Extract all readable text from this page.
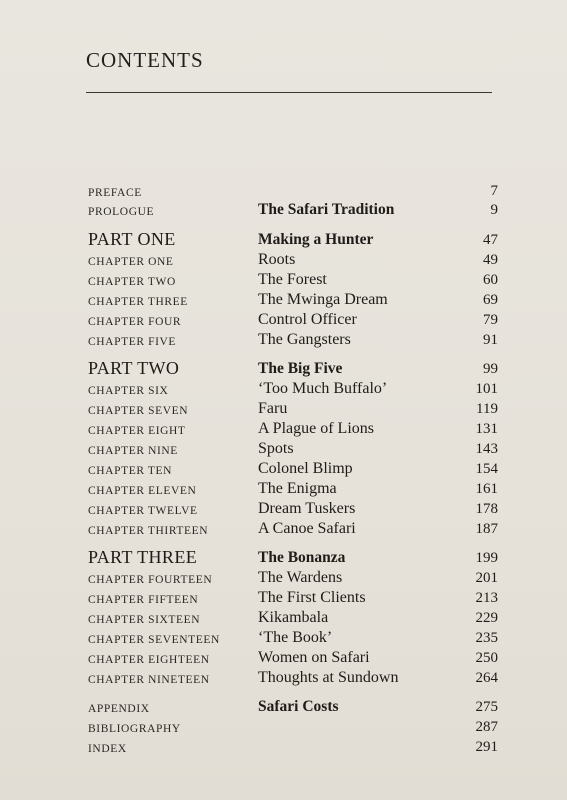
CONTENTS
PREFACE	7
PROLOGUE	The Safari Tradition	9
PART ONE	Making a Hunter	47
CHAPTER ONE	Roots	49
CHAPTER TWO	The Forest	60
CHAPTER THREE	The Mwinga Dream	69
CHAPTER FOUR	Control Officer	79
CHAPTER FIVE	The Gangsters	91
PART TWO	The Big Five	99
CHAPTER SIX	‘Too Much Buffalo’	101
CHAPTER SEVEN	Faru	119
CHAPTER EIGHT	A Plague of Lions	131
CHAPTER NINE	Spots	143
CHAPTER TEN	Colonel Blimp	154
CHAPTER ELEVEN	The Enigma	161
CHAPTER TWELVE	Dream Tuskers	178
CHAPTER THIRTEEN	A Canoe Safari	187
PART THREE	The Bonanza	199
CHAPTER FOURTEEN	The Wardens	201
CHAPTER FIFTEEN	The First Clients	213
CHAPTER SIXTEEN	Kikambala	229
CHAPTER SEVENTEEN ‘The Book’	235
CHAPTER EIGHTEEN	Women on Safari	250
CHAPTER NINETEEN	Thoughts at Sundown	264
APPENDIX	Safari Costs	275
BIBLIOGRAPHY	287
INDEX	291
